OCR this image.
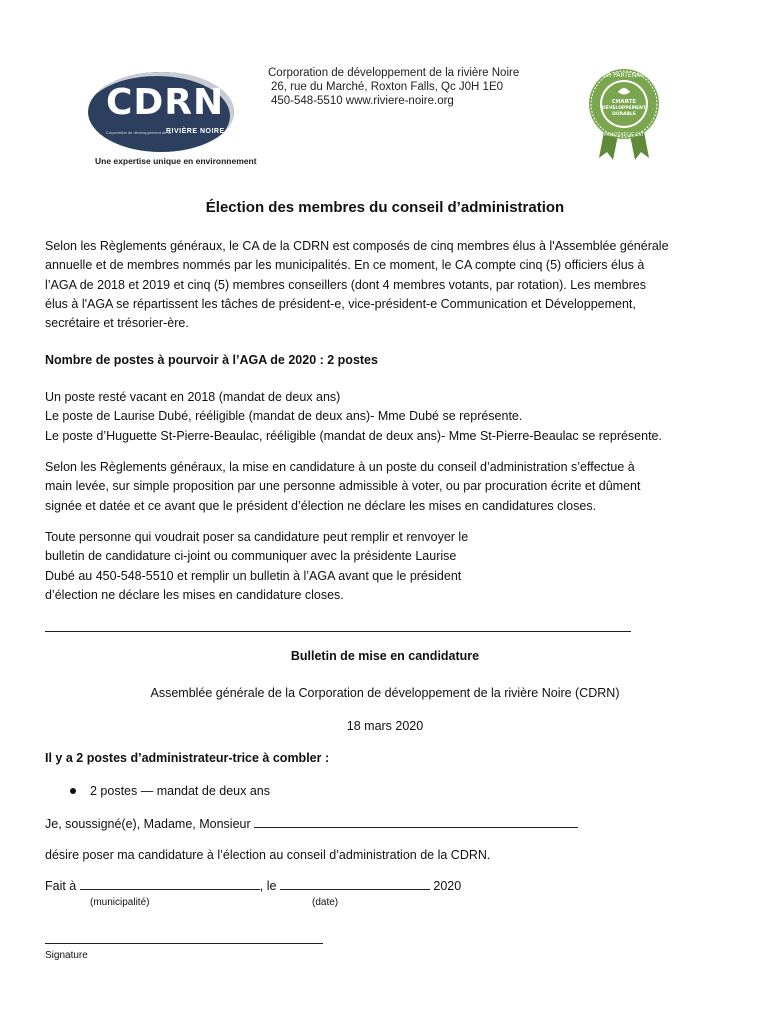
CDRN
Corporation de développement de la
RIVIÈRE NOIRE
Une expertise unique en environnement
Corporation de développement de la rivière Noire
26, rue du Marché, Roxton Falls, Qc J0H 1E0
450-548-5510 www.riviere-noire.org
FIER PARTENAIRE
CHARTE
DÉVELOPPEMENT
DURABLE
MONTÉRÉGIE EST
Élection des membres du conseil d’administration
Selon les Règlements généraux, le CA de la CDRN est composés de cinq membres élus à l'Assemblée générale
annuelle et de membres nommés par les municipalités. En ce moment, le CA compte cinq (5) officiers élus à
l’AGA de 2018 et 2019 et cinq (5) membres conseillers (dont 4 membres votants, par rotation). Les membres
élus à l'AGA se répartissent les tâches de président-e, vice-président-e Communication et Développement,
secrétaire et trésorier-ère.
Nombre de postes à pourvoir à l’AGA de 2020 : 2 postes
Un poste resté vacant en 2018 (mandat de deux ans)
Le poste de Laurise Dubé, rééligible (mandat de deux ans)- Mme Dubé se représente.
Le poste d’Huguette St-Pierre-Beaulac, rééligible (mandat de deux ans)- Mme St-Pierre-Beaulac se représente.
Selon les Règlements généraux, la mise en candidature à un poste du conseil d’administration s’effectue à
main levée, sur simple proposition par une personne admissible à voter, ou par procuration écrite et dûment
signée et datée et ce avant que le président d’élection ne déclare les mises en candidatures closes.
Toute personne qui voudrait poser sa candidature peut remplir et renvoyer le
bulletin de candidature ci-joint ou communiquer avec la présidente Laurise
Dubé au 450-548-5510 et remplir un bulletin à l’AGA avant que le président
d’élection ne déclare les mises en candidature closes.
Bulletin de mise en candidature
Assemblée générale de la Corporation de développement de la rivière Noire (CDRN)
18 mars 2020
Il y a 2 postes d’administrateur-trice à combler :
2 postes — mandat de deux ans
Je, soussigné(e), Madame, Monsieur
désire poser ma candidature à l’élection au conseil d’administration de la CDRN.
Fait à	, le	2020
(municipalité)	(date)
Signature
